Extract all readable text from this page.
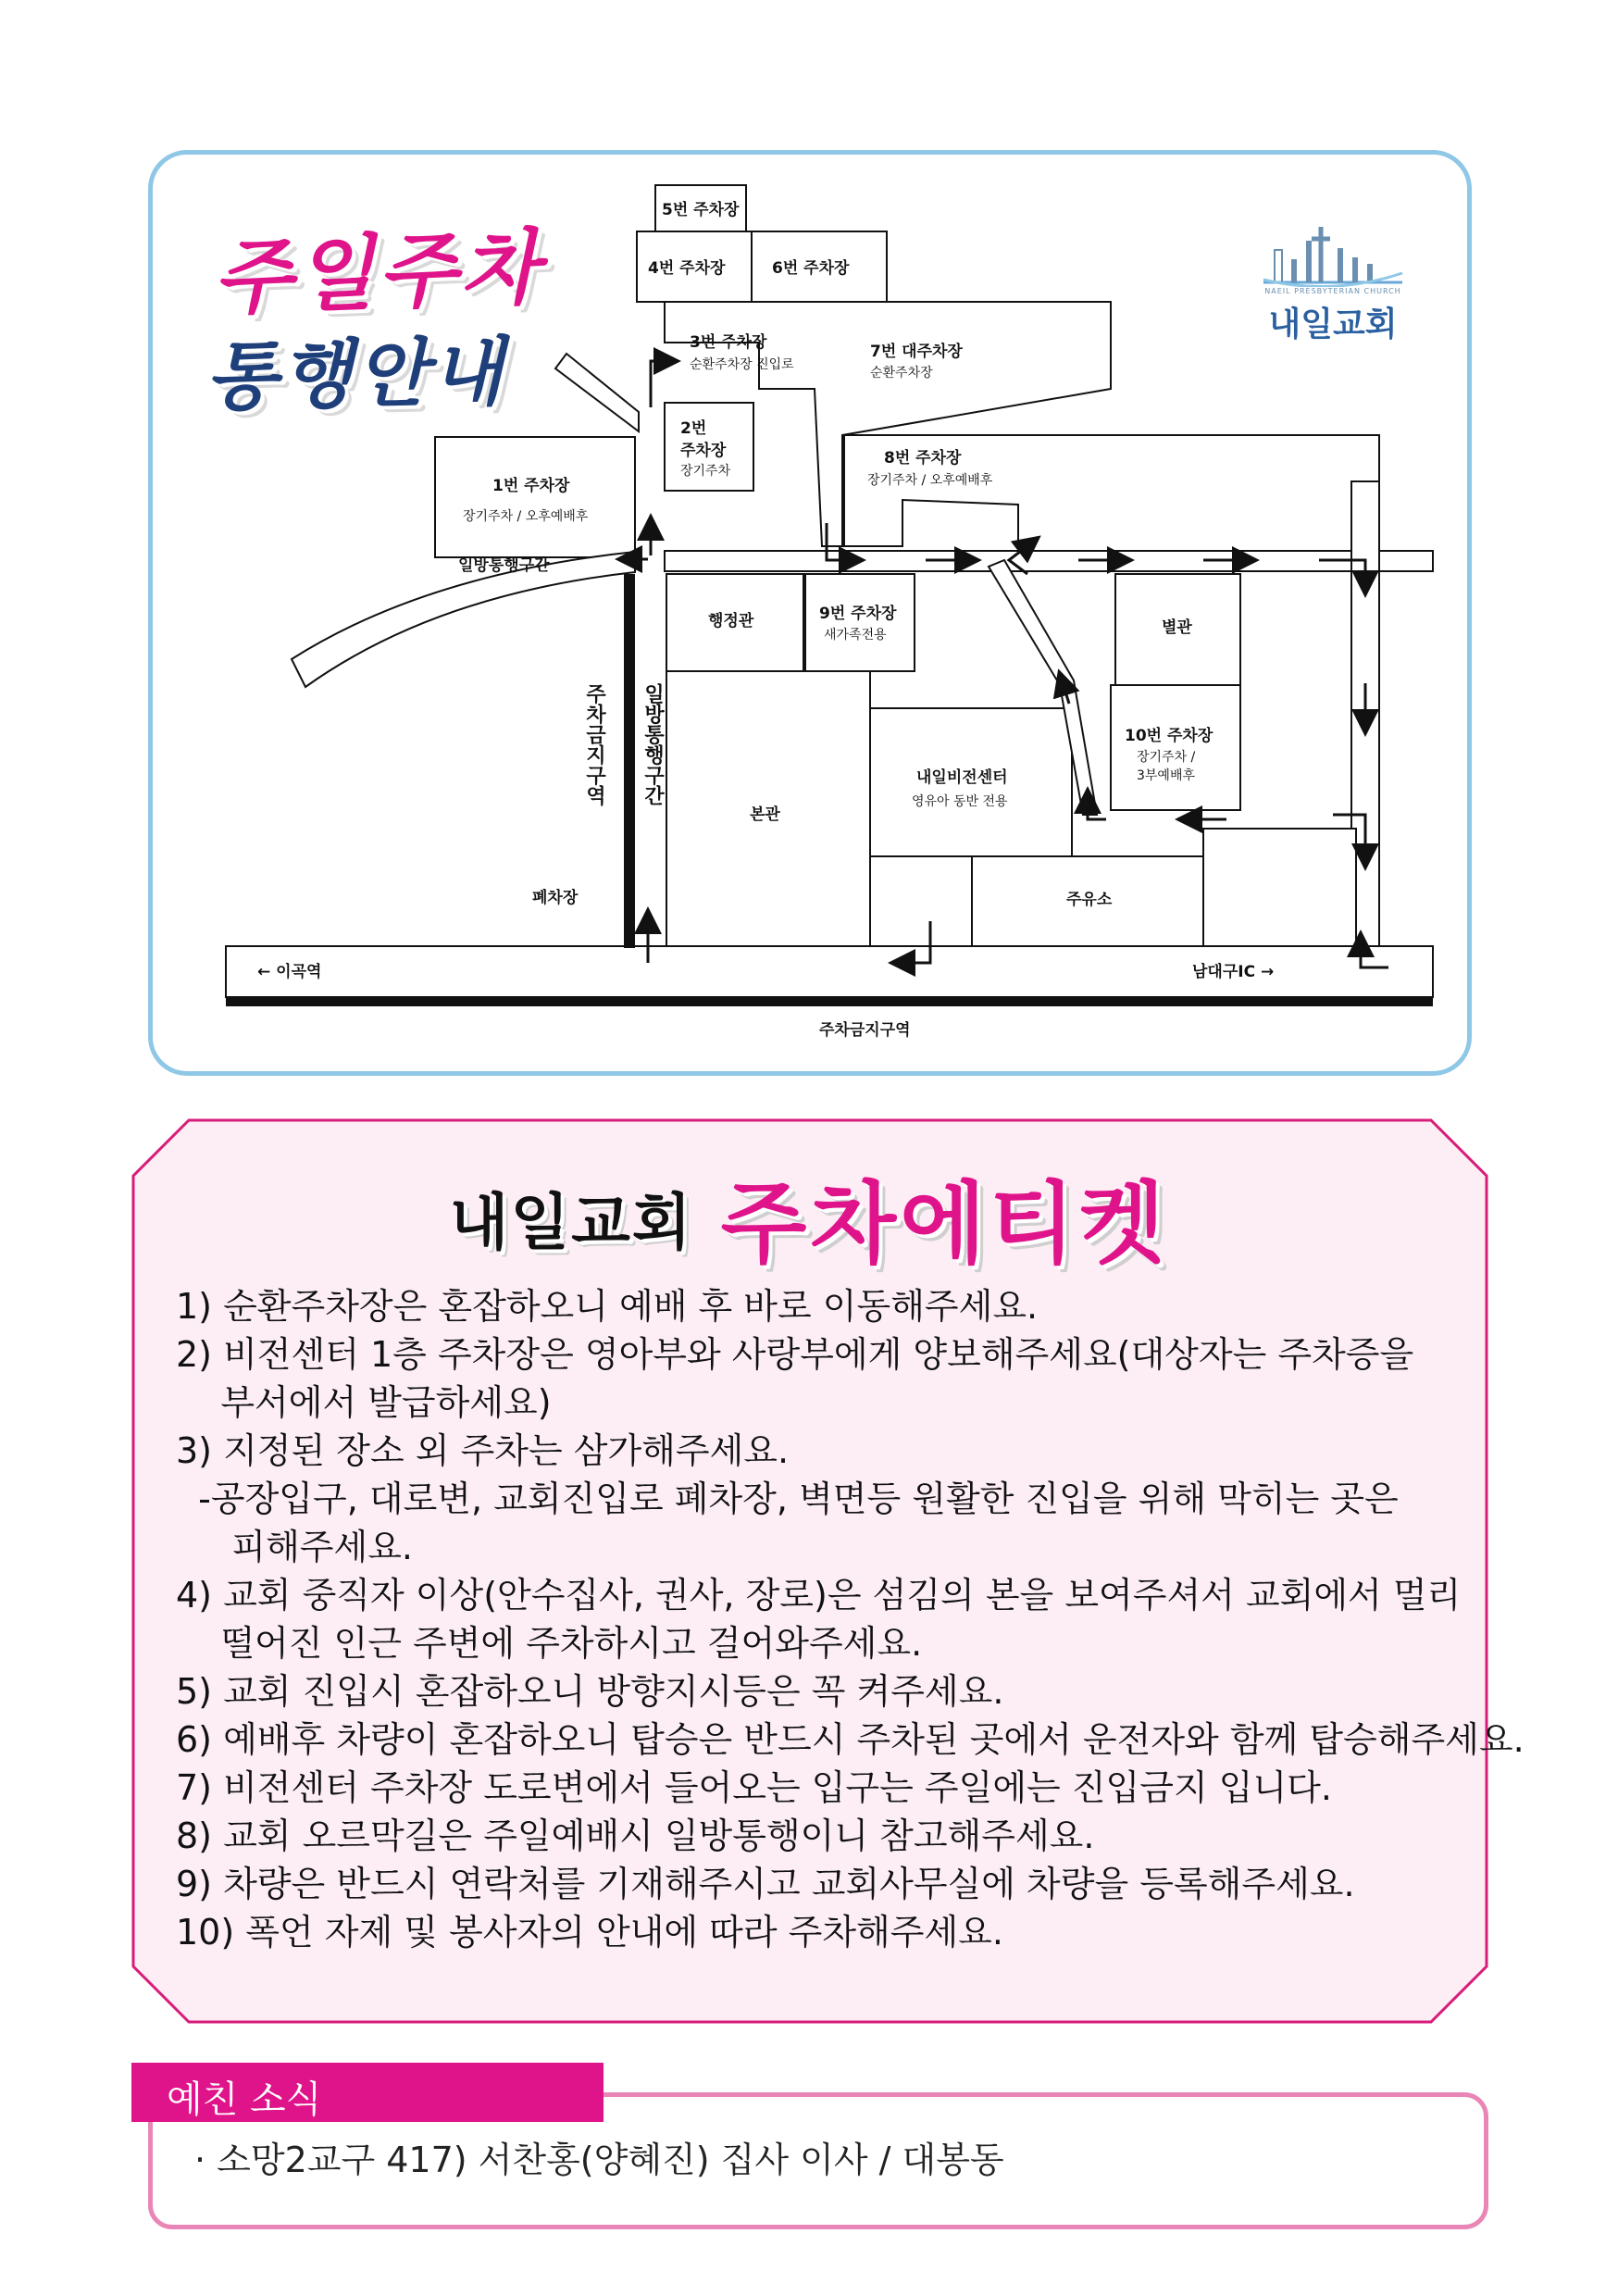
주일주차
통행안내
NAEIL PRESBYTERIAN CHURCH
내일교회
5번 주차장
4번 주차장	6번 주차장
3번 주차장
순환주차장 진입로
7번 대주차장
순환주차장
2번
주차장
장기주차
8번 주차장
장기주차 / 오후예배후
1번 주차장
장기주차 / 오후예배후
일방통행구간
행정관	9번 주차장
새가족전용	별관
10번 주차장
장기주차 /
3부예배후
내일비전센터
영유아 동반 전용
본관
주유소
폐차장
주차금지구역 일방통행구간
← 이곡역	남대구IC →
주차금지구역
내일교회 주차에티켓
1) 순환주차장은 혼잡하오니 예배 후 바로 이동해주세요.
2) 비전센터 1층 주차장은 영아부와 사랑부에게 양보해주세요(대상자는 주차증을
부서에서 발급하세요)
3) 지정된 장소 외 주차는 삼가해주세요.
-공장입구, 대로변, 교회진입로 폐차장, 벽면등 원활한 진입을 위해 막히는 곳은
피해주세요.
4) 교회 중직자 이상(안수집사, 권사, 장로)은 섬김의 본을 보여주셔서 교회에서 멀리
떨어진 인근 주변에 주차하시고 걸어와주세요.
5) 교회 진입시 혼잡하오니 방향지시등은 꼭 켜주세요.
6) 예배후 차량이 혼잡하오니 탑승은 반드시 주차된 곳에서 운전자와 함께 탑승해주세요.
7) 비전센터 주차장 도로변에서 들어오는 입구는 주일에는 진입금지 입니다.
8) 교회 오르막길은 주일예배시 일방통행이니 참고해주세요.
9) 차량은 반드시 연락처를 기재해주시고 교회사무실에 차량을 등록해주세요.
10) 폭언 자제 및 봉사자의 안내에 따라 주차해주세요.
예친 소식
· 소망2교구 417) 서찬홍(양혜진) 집사 이사 / 대봉동
